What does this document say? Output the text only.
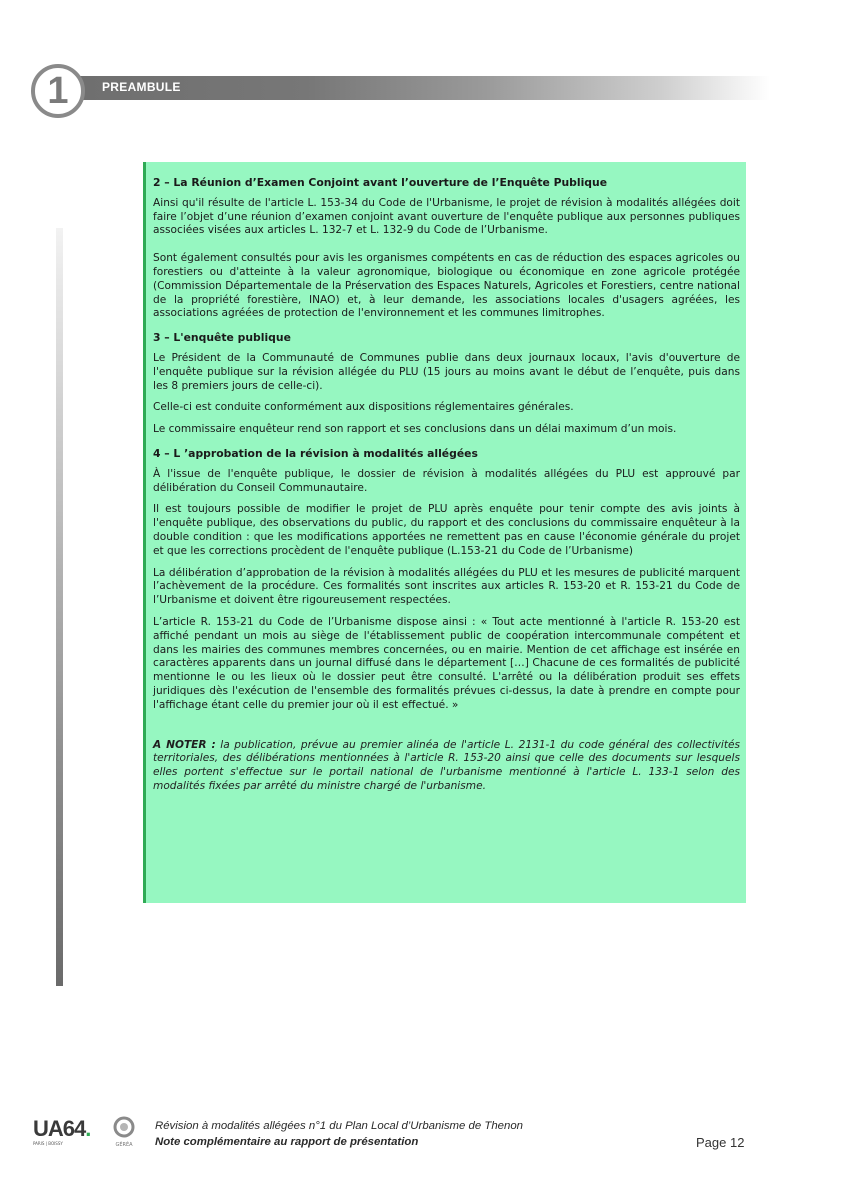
1	PREAMBULE
2 – La Réunion d’Examen Conjoint avant l’ouverture de l’Enquête Publique

Ainsi qu'il résulte de l'article L. 153-34 du Code de l'Urbanisme, le projet de révision à modalités allégées doit faire l’objet d’une réunion d’examen conjoint avant ouverture de l'enquête publique aux personnes publiques associées visées aux articles L. 132-7 et L. 132-9 du Code de l’Urbanisme.

Sont également consultés pour avis les organismes compétents en cas de réduction des espaces agricoles ou forestiers ou d'atteinte à la valeur agronomique, biologique ou économique en zone agricole protégée (Commission Départementale de la Préservation des Espaces Naturels, Agricoles et Forestiers, centre national de la propriété forestière, INAO) et, à leur demande, les associations locales d'usagers agréées, les associations agréées de protection de l'environnement et les communes limitrophes.

3 – L'enquête publique

Le Président de la Communauté de Communes publie dans deux journaux locaux, l'avis d'ouverture de l'enquête publique sur la révision allégée du PLU (15 jours au moins avant le début de l’enquête, puis dans les 8 premiers jours de celle-ci).

Celle-ci est conduite conformément aux dispositions réglementaires générales.

Le commissaire enquêteur rend son rapport et ses conclusions dans un délai maximum d’un mois.

4 – L ’approbation de la révision à modalités allégées

À l'issue de l'enquête publique, le dossier de révision à modalités allégées du PLU est approuvé par délibération du Conseil Communautaire.

Il est toujours possible de modifier le projet de PLU après enquête pour tenir compte des avis joints à l'enquête publique, des observations du public, du rapport et des conclusions du commissaire enquêteur à la double condition : que les modifications apportées ne remettent pas en cause l'économie générale du projet et que les corrections procèdent de l'enquête publique (L.153-21 du Code de l’Urbanisme)

La délibération d’approbation de la révision à modalités allégées du PLU et les mesures de publicité marquent l’achèvement de la procédure. Ces formalités sont inscrites aux articles R. 153-20 et R. 153-21 du Code de l’Urbanisme et doivent être rigoureusement respectées.

L’article R. 153-21 du Code de l’Urbanisme dispose ainsi : « Tout acte mentionné à l'article R. 153-20 est affiché pendant un mois au siège de l'établissement public de coopération intercommunale compétent et dans les mairies des communes membres concernées, ou en mairie. Mention de cet affichage est insérée en caractères apparents dans un journal diffusé dans le département […] Chacune de ces formalités de publicité mentionne le ou les lieux où le dossier peut être consulté. L'arrêté ou la délibération produit ses effets juridiques dès l'exécution de l'ensemble des formalités prévues ci-dessus, la date à prendre en compte pour l'affichage étant celle du premier jour où il est effectué. »

A NOTER : la publication, prévue au premier alinéa de l'article L. 2131-1 du code général des collectivités territoriales, des délibérations mentionnées à l'article R. 153-20 ainsi que celle des documents sur lesquels elles portent s'effectue sur le portail national de l'urbanisme mentionné à l'article L. 133-1 selon des modalités fixées par arrêté du ministre chargé de l'urbanisme.

UA64.
PARIS | BOISSY	GÉRÉA
Révision à modalités allégées n°1 du Plan Local d’Urbanisme de Thenon
Note complémentaire au rapport de présentation	Page 12
